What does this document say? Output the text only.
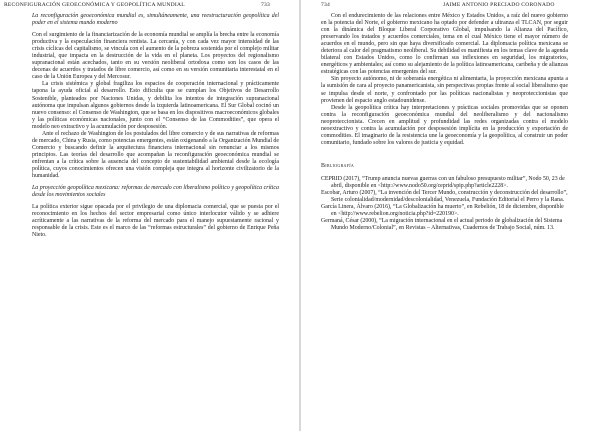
RECONFIGURACIÓN GEOECONÓMICA Y GEOPOLÍTICA MUNDIAL	733

La reconfiguración geoeconómica mundial es, simultáneamente, una reestructuración geopolítica del poder en el sistema mundo moderno

Con el surgimiento de la financiarización de la economía mundial se amplía la brecha entre la economía productiva y la especulación financiera rentista. La cercanía, y con cada vez mayor intensidad de las crisis cíclicas del capitalismo, se vincula con el aumento de la pobreza sostenida por el complejo militar industrial, que impacta en la destrucción de la vida en el planeta. Los proyectos del regionalismo supranacional están acechados, tanto en su versión neoliberal ortodoxa como son los casos de las decenas de acuerdos y tratados de libre comercio, así como en su versión comunitaria interestatal en el caso de la Unión Europea y del Mercosur.

La crisis sistémica y global fragiliza los espacios de cooperación internacional y prácticamente tapona la ayuda oficial al desarrollo. Esto dificulta que se cumplan los Objetivos de Desarrollo Sostenible, planteados por Naciones Unidas, y debilita los intentos de integración supranacional autónoma que impulsan algunos gobiernos desde la izquierda latinoamericana. El Sur Global cocinó un nuevo consenso: el Consenso de Washington, que se basa en los dispositivos macroeconómicos globales y las políticas económicas nacionales, junto con el “Consenso de las Commodities”, que opera el modelo neo extractivo y la acumulación por desposesión.

Ante el rechazo de Washington de los postulados del libre comercio y de sus narrativas de reformas de mercado, China y Rusia, como potencias emergentes, están oxigenando a la Organización Mundial de Comercio y buscando definir la arquitectura financiera internacional sin renunciar a los mismos principios. Las teorías del desarrollo que acompañan la reconfiguración geoeconómica mundial se enfrentan a la crítica sobre la ausencia del concepto de sustentabilidad ambiental desde la ecología política, cuyos conocimientos ofrecen una visión compleja que integra al horizonte civilizatorio de la humanidad.

La proyección geopolítica mexicana: reformas de mercado con liberalismo político y geopolítica crítica desde los movimientos sociales

La política exterior sigue opacada por el privilegio de una diplomacia comercial, que se puesta por el reconocimiento en los hechos del sector empresarial como único interlocutor válido y se adhiere acríticamente a las narrativas de la reforma del mercado para el manejo supuestamente racional y responsable de la crisis. Este es el marco de las “reformas estructurales” del gobierno de Enrique Peña Nieto.

734	JAIME ANTONIO PRECIADO CORONADO

Con el endurecimiento de las relaciones entre México y Estados Unidos, a raíz del nuevo gobierno en la potencia del Norte, el gobierno mexicano ha optado por defender a ultranza el TLCAN, por seguir con la dinámica del Bloque Liberal Corporativo Global, impulsando la Alianza del Pacífico, preservando los tratados y acuerdos comerciales, tema en el cual México tiene el mayor número de acuerdos en el mundo, pero sin que haya diversificado comercial. La diplomacia política mexicana se deteriora al calor del pragmatismo neoliberal. Su debilidad es manifiesta en los temas clave de la agenda bilateral con Estados Unidos, como lo confirman sus inflexiones en seguridad, los migratorios, energéticos y ambientales; así como su alejamiento de la política latinoamericana, caribeña y de alianzas estratégicas con las potencias emergentes del sur.

Sin proyecto autónomo, ni de soberanía energética ni alimentaria, la proyección mexicana apunta a la sumisión de cara al proyecto panamericanista, sin perspectivas propias frente al social liberalismo que se impulsa desde el norte, y confrontado por las políticas nacionalistas y neoproteccionistas que provienen del espacio anglo estadounidense.

Desde la geopolítica crítica hay interpretaciones y prácticas sociales promovidas que se oponen contra la reconfiguración geoeconómica mundial del neoliberalismo y del nacionalismo neoproteccionista. Crecen en amplitud y profundidad las redes organizadas contra el modelo neoextractivo y contra la acumulación por desposesión implícita en la producción y exportación de commodities. El imaginario de la resistencia une la geoeconomía y la geopolítica, al construir un poder comunitario, fundado sobre los valores de justicia y equidad.

Bibliografía

CEPRID (2017), “Trump anuncia nuevas guerras con un fabuloso presupuesto militar”, Nodo 50, 23 de abril, disponible en <http://www.nodo50.org/ceprid/spip.php?article2228>.

Escobar, Arturo (2007), “La invención del Tercer Mundo, construcción y deconstrucción del desarrollo”, Serie colonialidad/modernidad/descolonialidad, Venezuela, Fundación Editorial el Perro y la Rana.

García Linera, Álvaro (2016), “La Globalización ha muerto”, en Rebelión, 18 de diciembre, disponible en <http://www.rebelion.org/noticia.php?id=220190>.

Germaná, César (2000), “La migración internacional en el actual periodo de globalización del Sistema Mundo Moderno/Colonial”, en Revistas – Alternativas, Cuadernos de Trabajo Social, núm. 13.
